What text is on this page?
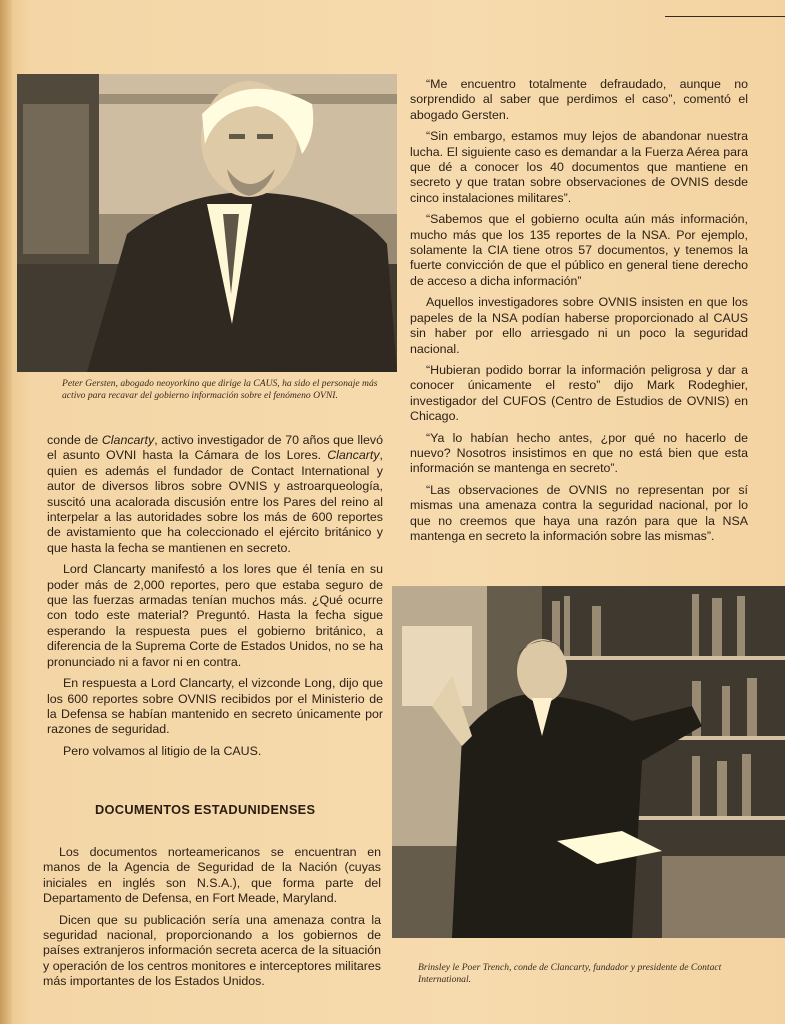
Peter Gersten, abogado neoyorkino que dirige la CAUS, ha sido el personaje más activo para recavar del gobierno información sobre el fenómeno OVNI.

“Me encuentro totalmente defraudado, aunque no sorprendido al saber que perdimos el caso”, comentó el abogado Gersten.

“Sin embargo, estamos muy lejos de abandonar nuestra lucha. El siguiente caso es demandar a la Fuerza Aérea para que dé a conocer los 40 documentos que mantiene en secreto y que tratan sobre observaciones de OVNIS desde cinco instalaciones militares”.

“Sabemos que el gobierno oculta aún más información, mucho más que los 135 reportes de la NSA. Por ejemplo, solamente la CIA tiene otros 57 documentos, y tenemos la fuerte convicción de que el público en general tiene derecho de acceso a dicha información”

Aquellos investigadores sobre OVNIS insisten en que los papeles de la NSA podían haberse proporcionado al CAUS sin haber por ello arriesgado ni un poco la seguridad nacional.

“Hubieran podido borrar la información peligrosa y dar a conocer únicamente el resto” dijo Mark Rodeghier, investigador del CUFOS (Centro de Estudios de OVNIS) en Chicago.

“Ya lo habían hecho antes, ¿por qué no hacerlo de nuevo? Nosotros insistimos en que no está bien que esta información se mantenga en secreto”.

“Las observaciones de OVNIS no representan por sí mismas una amenaza contra la seguridad nacional, por lo que no creemos que haya una razón para que la NSA mantenga en secreto la información sobre las mismas”.

conde de Clancarty, activo investigador de 70 años que llevó el asunto OVNI hasta la Cámara de los Lores. Clancarty, quien es además el fundador de Contact International y autor de diversos libros sobre OVNIS y astroarqueología, suscitó una acalorada discusión entre los Pares del reino al interpelar a las autoridades sobre los más de 600 reportes de avistamiento que ha coleccionado el ejército británico y que hasta la fecha se mantienen en secreto.

Lord Clancarty manifestó a los lores que él tenía en su poder más de 2,000 reportes, pero que estaba seguro de que las fuerzas armadas tenían muchos más. ¿Qué ocurre con todo este material? Preguntó. Hasta la fecha sigue esperando la respuesta pues el gobierno británico, a diferencia de la Suprema Corte de Estados Unidos, no se ha pronunciado ni a favor ni en contra.

En respuesta a Lord Clancarty, el vizconde Long, dijo que los 600 reportes sobre OVNIS recibidos por el Ministerio de la Defensa se habían mantenido en secreto únicamente por razones de seguridad.

Pero volvamos al litigio de la CAUS.

DOCUMENTOS ESTADUNIDENSES

Los documentos norteamericanos se encuentran en manos de la Agencia de Seguridad de la Nación (cuyas iniciales en inglés son N.S.A.), que forma parte del Departamento de Defensa, en Fort Meade, Maryland.

Dicen que su publicación sería una amenaza contra la seguridad nacional, proporcionando a los gobiernos de países extranjeros información secreta acerca de la situación y operación de los centros monitores e interceptores militares más importantes de los Estados Unidos.

Brinsley le Poer Trench, conde de Clancarty, fundador y presidente de Contact International.
